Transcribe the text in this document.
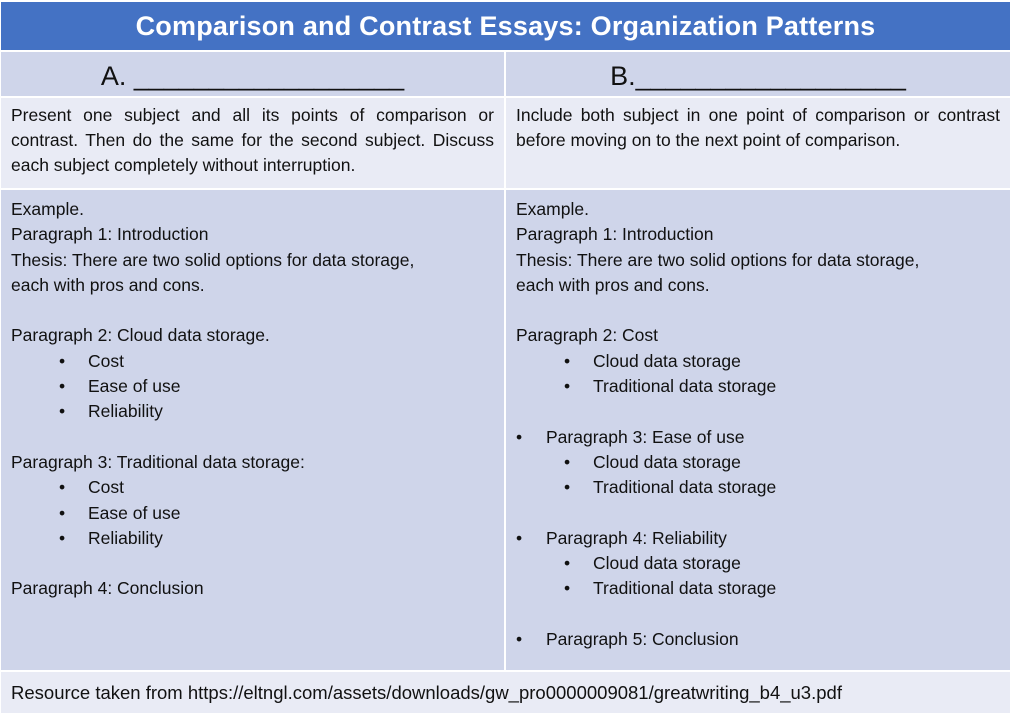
Comparison and Contrast Essays: Organization Patterns
A. __________________	B.__________________
Present one subject and all its points of comparison or contrast. Then do the same for the second subject. Discuss each subject completely without interruption.
Include both subject in one point of comparison or contrast before moving on to the next point of comparison.
Example.
Paragraph 1: Introduction
Thesis: There are two solid options for data storage,
each with pros and cons.
Paragraph 2: Cloud data storage.
• Cost
• Ease of use
• Reliability
Paragraph 3: Traditional data storage:
• Cost
• Ease of use
• Reliability
Paragraph 4: Conclusion
Example.
Paragraph 1: Introduction
Thesis: There are two solid options for data storage,
each with pros and cons.
Paragraph 2: Cost
• Cloud data storage
• Traditional data storage
• Paragraph 3: Ease of use
• Cloud data storage
• Traditional data storage
• Paragraph 4: Reliability
• Cloud data storage
• Traditional data storage
• Paragraph 5: Conclusion
Resource taken from https://eltngl.com/assets/downloads/gw_pro0000009081/greatwriting_b4_u3.pdf
